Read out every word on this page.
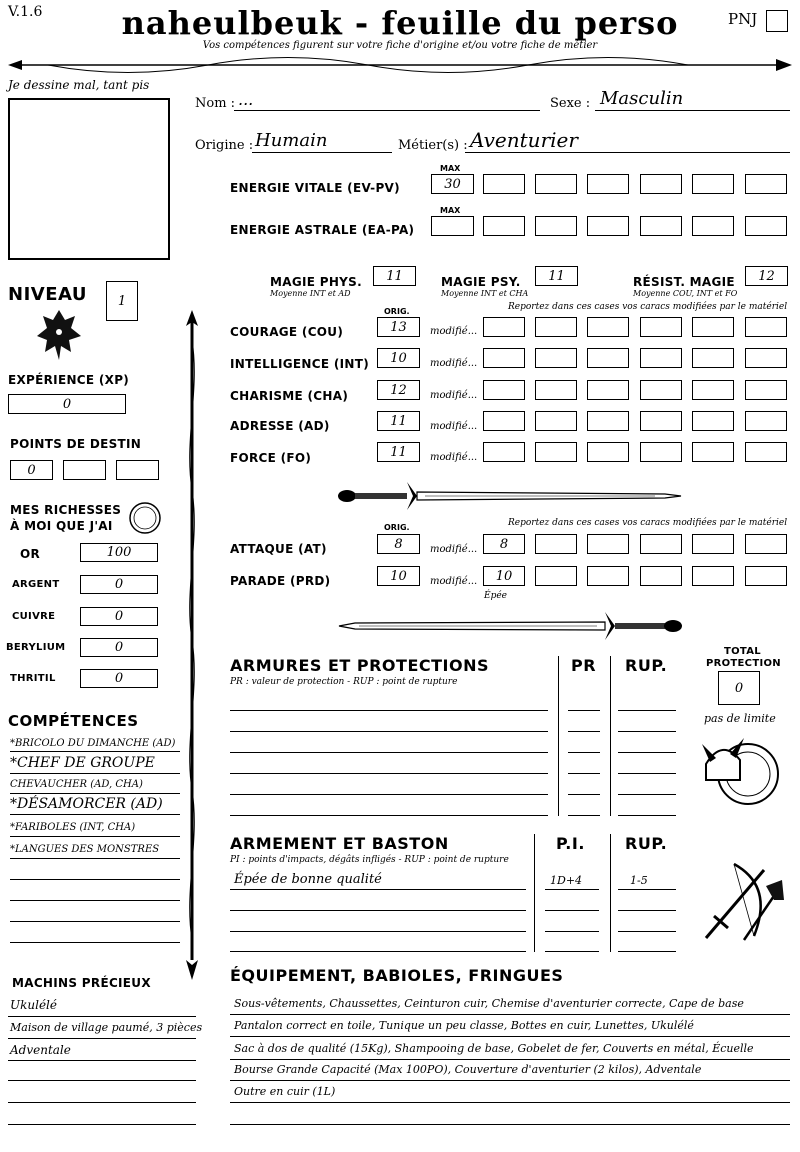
V.1.6	naheulbeuk - feuille du perso
Vos compétences figurent sur votre fiche d'origine et/ou votre fiche de métier
PNJ
Je dessine mal, tant pis
Nom : ...	Sexe : Masculin
Origine : Humain	Métier(s) : Aventurier
MAX
ENERGIE VITALE (EV-PV)	30
MAX
ENERGIE ASTRALE (EA-PA)
MAGIE PHYS.	11
Moyenne INT et AD
MAGIE PSY.	11
Moyenne INT et CHA
RÉSIST. MAGIE	12
Moyenne COU, INT et FO
NIVEAU	1
EXPÉRIENCE (XP)
0
POINTS DE DESTIN
0
MES RICHESSES
À MOI QUE J'AI
OR	100
ARGENT	0
CUIVRE	0
BERYLIUM	0
THRITIL	0
COMPÉTENCES
*BRICOLO DU DIMANCHE (AD)
*CHEF DE GROUPE
CHEVAUCHER (AD, CHA)
*DÉSAMORCER (AD)
*FARIBOLES (INT, CHA)
*LANGUES DES MONSTRES
MACHINS PRÉCIEUX
Ukulélé
Maison de village paumé, 3 pièces
Adventale
ORIG.	Reportez dans ces cases vos caracs modifiées par le matériel
COURAGE (COU)	13	modifié...
INTELLIGENCE (INT)	10	modifié...
CHARISME (CHA)	12	modifié...
ADRESSE (AD)	11	modifié...
FORCE (FO)	11	modifié...
ORIG.	Reportez dans ces cases vos caracs modifiées par le matériel
ATTAQUE (AT)	8	modifié...	8
PARADE (PRD)	10	modifié...	10
Épée
ARMURES ET PROTECTIONS
PR : valeur de protection - RUP : point de rupture
PR RUP.
TOTAL
PROTECTION
0
pas de limite
ARMEMENT ET BASTON
PI : points d'impacts, dégâts infligés - RUP : point de rupture
P.I.	RUP.
Épée de bonne qualité	1D+4	1-5
ÉQUIPEMENT, BABIOLES, FRINGUES
Sous-vêtements, Chaussettes, Ceinturon cuir, Chemise d'aventurier correcte, Cape de base
Pantalon correct en toile, Tunique un peu classe, Bottes en cuir, Lunettes, Ukulélé
Sac à dos de qualité (15Kg), Shampooing de base, Gobelet de fer, Couverts en métal, Écuelle
Bourse Grande Capacité (Max 100PO), Couverture d'aventurier (2 kilos), Adventale
Outre en cuir (1L)
